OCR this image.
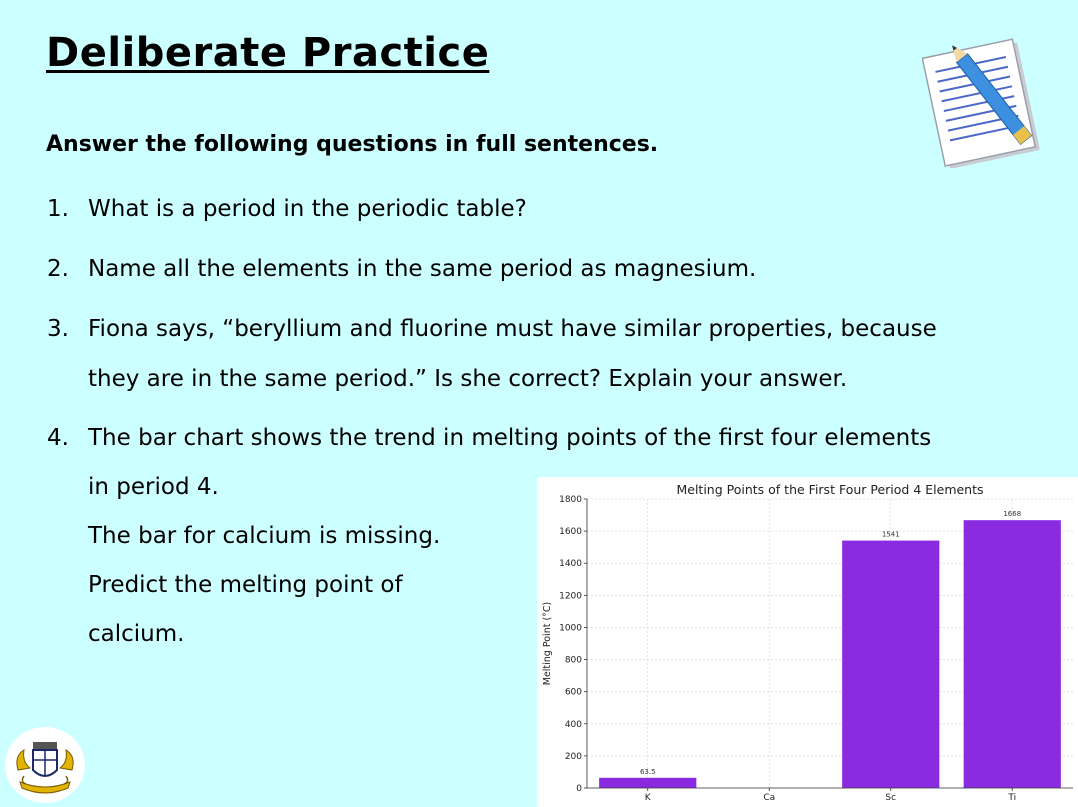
Deliberate Practice
Answer the following questions in full sentences.
1. What is a period in the periodic table?
2. Name all the elements in the same period as magnesium.
3. Fiona says, “beryllium and fluorine must have similar properties, because
they are in the same period.” Is she correct? Explain your answer.
4. The bar chart shows the trend in melting points of the first four elements
in period 4.
The bar for calcium is missing.
Predict the melting point of
calcium.
63.5
1541
1668
0
200
400
600
800
1000
1200
1400
1600
1800
K	Ca	Sc	Ti
Melting Points of the First Four Period 4 Elements
Melting Point (°C)
